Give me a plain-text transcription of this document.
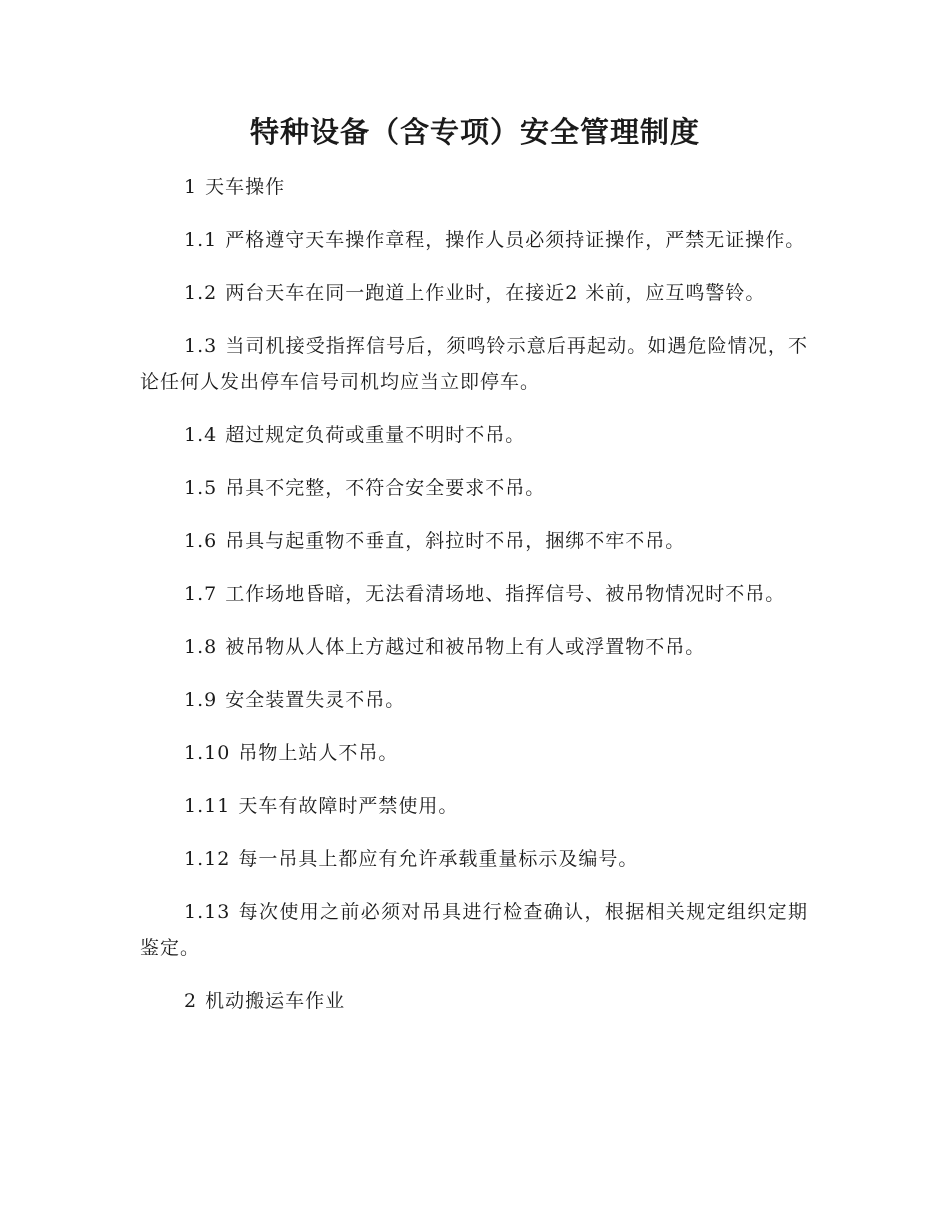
特种设备（含专项）安全管理制度

1 天车操作

1.1 严格遵守天车操作章程，操作人员必须持证操作，严禁无证操作。

1.2 两台天车在同一跑道上作业时，在接近2 米前，应互鸣警铃。

1.3 当司机接受指挥信号后，须鸣铃示意后再起动。如遇危险情况，不论任何人发出停车信号司机均应当立即停车。

1.4 超过规定负荷或重量不明时不吊。

1.5 吊具不完整，不符合安全要求不吊。

1.6 吊具与起重物不垂直，斜拉时不吊，捆绑不牢不吊。

1.7 工作场地昏暗，无法看清场地、指挥信号、被吊物情况时不吊。

1.8 被吊物从人体上方越过和被吊物上有人或浮置物不吊。

1.9 安全装置失灵不吊。

1.10 吊物上站人不吊。

1.11 天车有故障时严禁使用。

1.12 每一吊具上都应有允许承载重量标示及编号。

1.13 每次使用之前必须对吊具进行检查确认，根据相关规定组织定期鉴定。

2 机动搬运车作业
